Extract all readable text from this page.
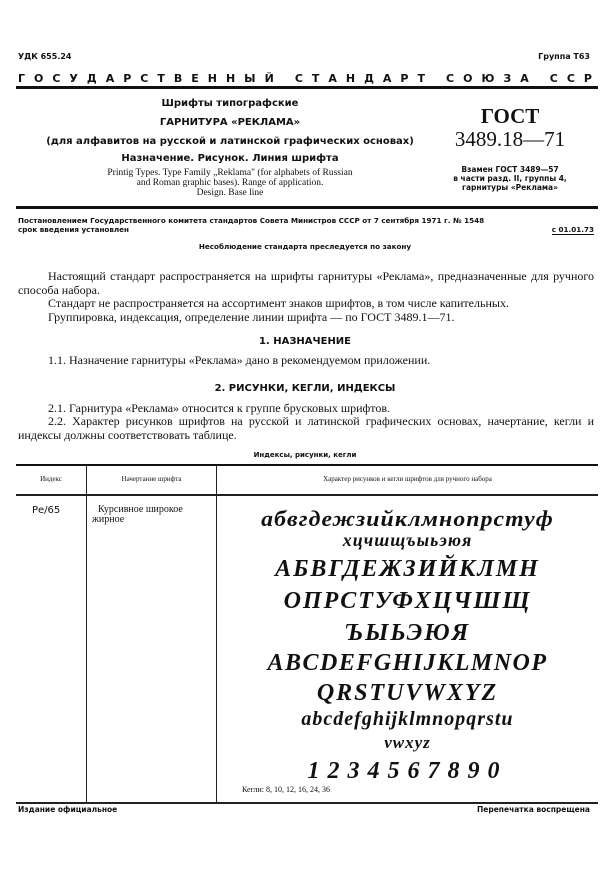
УДК 655.24	Группа Т63
ГОСУДАРСТВЕННЫЙ СТАНДАРТ СОЮЗА ССР
Шрифты типографские
ГАРНИТУРА «РЕКЛАМА»
(для алфавитов на русской и латинской графических основах)
Назначение. Рисунок. Линия шрифта
Printig Types. Type Family „Reklama" (for alphabets of Russian
and Roman graphic bases). Range of application.
Design. Base line
ГОСТ
3489.18—71
Взамен ГОСТ 3489—57
в части разд. II, группы 4,
гарнитуры «Реклама»
Постановлением Государственного комитета стандартов Совета Министров СССР от 7 сентября 1971 г. № 1548
срок введения установлен	с 01.01.73
Несоблюдение стандарта преследуется по закону
Настоящий стандарт распространяется на шрифты гарнитуры «Реклама», предназначенные для ручного способа набора.
Стандарт не распространяется на ассортимент знаков шрифтов, в том числе капительных.
Группировка, индексация, определение линии шрифта — по ГОСТ 3489.1—71.
1. НАЗНАЧЕНИЕ
1.1. Назначение гарнитуры «Реклама» дано в рекомендуемом приложении.
2. РИСУНКИ, КЕГЛИ, ИНДЕКСЫ
2.1. Гарнитура «Реклама» относится к группе брусковых шрифтов.
2.2. Характер рисунков шрифтов на русской и латинской графических основах, начертание, кегли и индексы должны соответствовать таблице.
Индексы, рисунки, кегли
Индекс	Начертание шрифта	Характер рисунков и кегли шрифтов для ручного набора
Ре/65	Курсивное широкое
жирное	абвгдежзийклмнопрстуф
хцчшщъыьэюя
АБВГДЕЖЗИЙКЛМН
ОПРСТУФХЦЧШЩ
ЪЫЬЭЮЯ
ABCDEFGHIJKLMNOP
QRSTUVWXYZ
abcdefghijklmnopqrstu
vwxyz
1234567890
Кегли: 8, 10, 12, 16, 24, 36
Издание официальное	Перепечатка воспрещена
